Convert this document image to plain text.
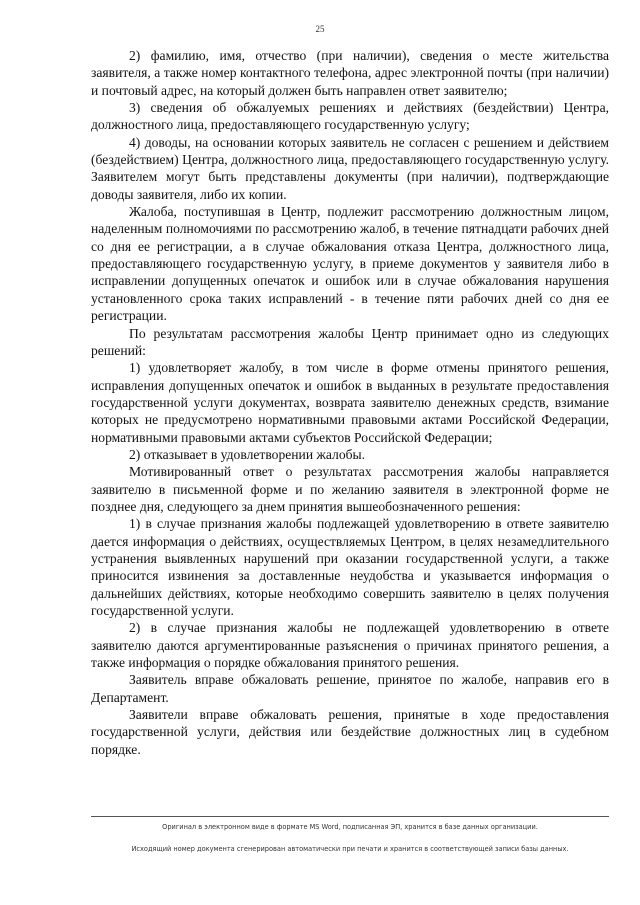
25

2) фамилию, имя, отчество (при наличии), сведения о месте жительства заявителя, а также номер контактного телефона, адрес электронной почты (при наличии) и почтовый адрес, на который должен быть направлен ответ заявителю;

3) сведения об обжалуемых решениях и действиях (бездействии) Центра, должностного лица, предоставляющего государственную услугу;

4) доводы, на основании которых заявитель не согласен с решением и действием (бездействием) Центра, должностного лица, предоставляющего государственную услугу. Заявителем могут быть представлены документы (при наличии), подтверждающие доводы заявителя, либо их копии.

Жалоба, поступившая в Центр, подлежит рассмотрению должностным лицом, наделенным полномочиями по рассмотрению жалоб, в течение пятнадцати рабочих дней со дня ее регистрации, а в случае обжалования отказа Центра, должностного лица, предоставляющего государственную услугу, в приеме документов у заявителя либо в исправлении допущенных опечаток и ошибок или в случае обжалования нарушения установленного срока таких исправлений - в течение пяти рабочих дней со дня ее регистрации.

По результатам рассмотрения жалобы Центр принимает одно из следующих решений:

1) удовлетворяет жалобу, в том числе в форме отмены принятого решения, исправления допущенных опечаток и ошибок в выданных в результате предоставления государственной услуги документах, возврата заявителю денежных средств, взимание которых не предусмотрено нормативными правовыми актами Российской Федерации, нормативными правовыми актами субъектов Российской Федерации;

2) отказывает в удовлетворении жалобы.

Мотивированный ответ о результатах рассмотрения жалобы направляется заявителю в письменной форме и по желанию заявителя в электронной форме не позднее дня, следующего за днем принятия вышеобозначенного решения:

1) в случае признания жалобы подлежащей удовлетворению в ответе заявителю дается информация о действиях, осуществляемых Центром, в целях незамедлительного устранения выявленных нарушений при оказании государственной услуги, а также приносится извинения за доставленные неудобства и указывается информация о дальнейших действиях, которые необходимо совершить заявителю в целях получения государственной услуги.

2) в случае признания жалобы не подлежащей удовлетворению в ответе заявителю даются аргументированные разъяснения о причинах принятого решения, а также информация о порядке обжалования принятого решения.

Заявитель вправе обжаловать решение, принятое по жалобе, направив его в Департамент.

Заявители вправе обжаловать решения, принятые в ходе предоставления государственной услуги, действия или бездействие должностных лиц в судебном порядке.

Оригинал в электронном виде в формате MS Word, подписанная ЭП, хранится в базе данных организации.
Исходящий номер документа сгенерирован автоматически при печати и хранится в соответствующей записи базы данных.
